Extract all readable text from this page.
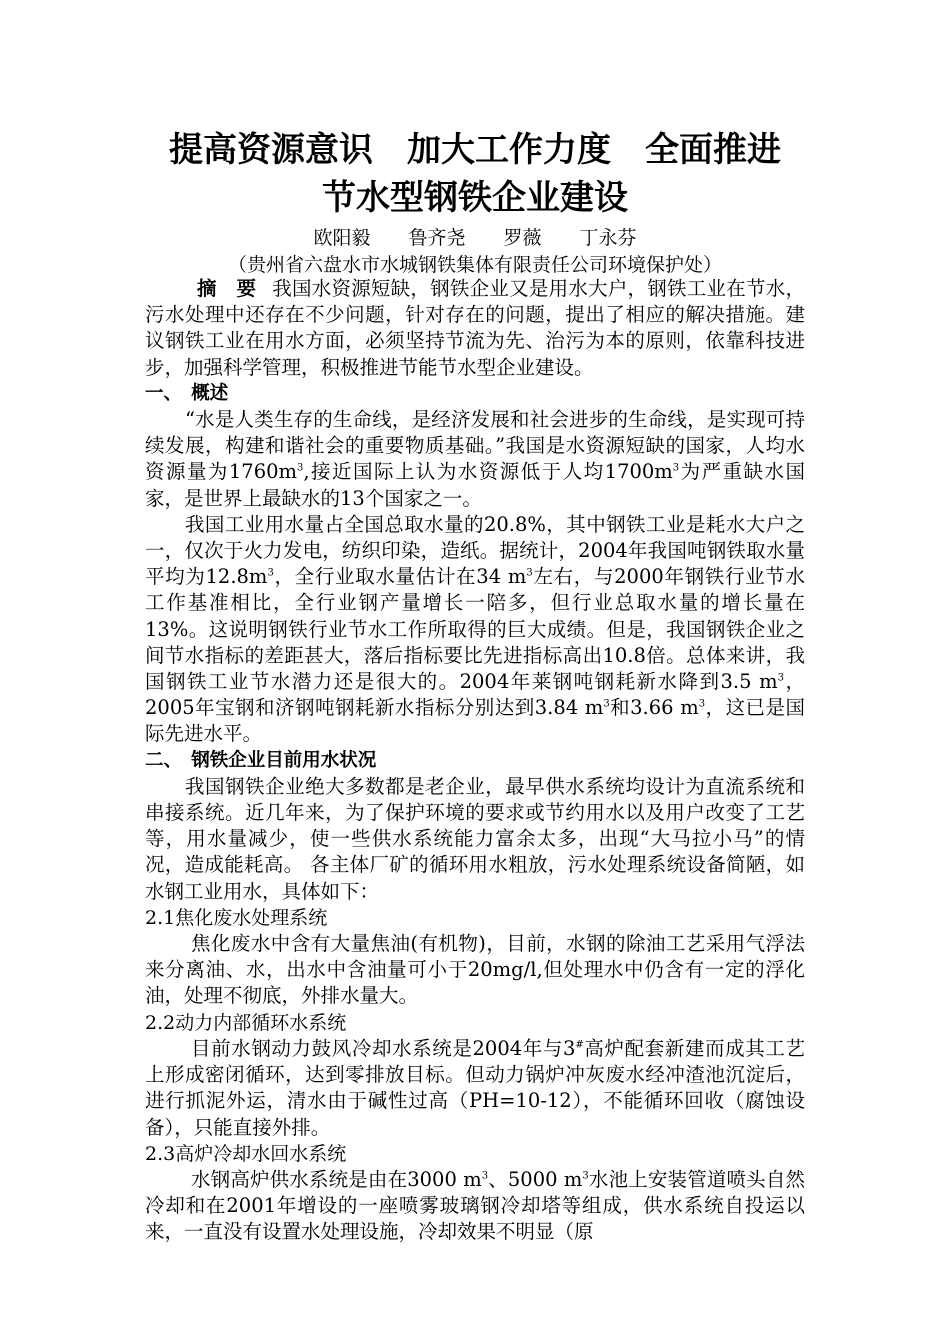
提高资源意识　加大工作力度　全面推进
节水型钢铁企业建设
欧阳毅　　鲁齐尧　　罗薇　　丁永芬
（贵州省六盘水市水城钢铁集体有限责任公司环境保护处）

摘　要 我国水资源短缺，钢铁企业又是用水大户，钢铁工业在节水，污水处理中还存在不少问题，针对存在的问题，提出了相应的解决措施。建议钢铁工业在用水方面，必须坚持节流为先、治污为本的原则，依靠科技进步，加强科学管理，积极推进节能节水型企业建设。

一、　概述

“水是人类生存的生命线，是经济发展和社会进步的生命线，是实现可持续发展，构建和谐社会的重要物质基础。”我国是水资源短缺的国家，人均水资源量为$1760m^3$,接近国际上认为水资源低于人均$1700m^3$为严重缺水国家，是世界上最缺水的13个国家之一。

我国工业用水量占全国总取水量的20.8%，其中钢铁工业是耗水大户之一，仅次于火力发电，纺织印染，造纸。据统计，2004年我国吨钢铁取水量平均为$12.8m^3$，全行业取水量估计在34 $m^3$左右，与2000年钢铁行业节水工作基准相比，全行业钢产量增长一陪多，但行业总取水量的增长量在13%。这说明钢铁行业节水工作所取得的巨大成绩。但是，我国钢铁企业之间节水指标的差距甚大，落后指标要比先进指标高出10.8倍。总体来讲，我国钢铁工业节水潜力还是很大的。2004年莱钢吨钢耗新水降到3.5 $m^3$，2005年宝钢和济钢吨钢耗新水指标分别达到3.84 $m^3$和3.66 $m^3$，这已是国际先进水平。

二、　钢铁企业目前用水状况

我国钢铁企业绝大多数都是老企业，最早供水系统均设计为直流系统和串接系统。近几年来，为了保护环境的要求或节约用水以及用户改变了工艺等，用水量减少，使一些供水系统能力富余太多，出现“大马拉小马”的情况，造成能耗高。 各主体厂矿的循环用水粗放，污水处理系统设备简陋，如水钢工业用水，具体如下：

2.1焦化废水处理系统

焦化废水中含有大量焦油(有机物)，目前，水钢的除油工艺采用气浮法来分离油、水，出水中含油量可小于20mg/l,但处理水中仍含有一定的浮化油，处理不彻底，外排水量大。

2.2动力内部循环水系统

目前水钢动力鼓风冷却水系统是2004年与3#高炉配套新建而成其工艺上形成密闭循环，达到零排放目标。但动力锅炉冲灰废水经冲渣池沉淀后，进行抓泥外运，清水由于碱性过高（PH=10-12），不能循环回收（腐蚀设备），只能直接外排。

2.3高炉冷却水回水系统

水钢高炉供水系统是由在3000 $m^3$、5000 $m^3$水池上安装管道喷头自然冷却和在2001年增设的一座喷雾玻璃钢冷却塔等组成，供水系统自投运以来，一直没有设置水处理设施，冷却效果不明显（原
